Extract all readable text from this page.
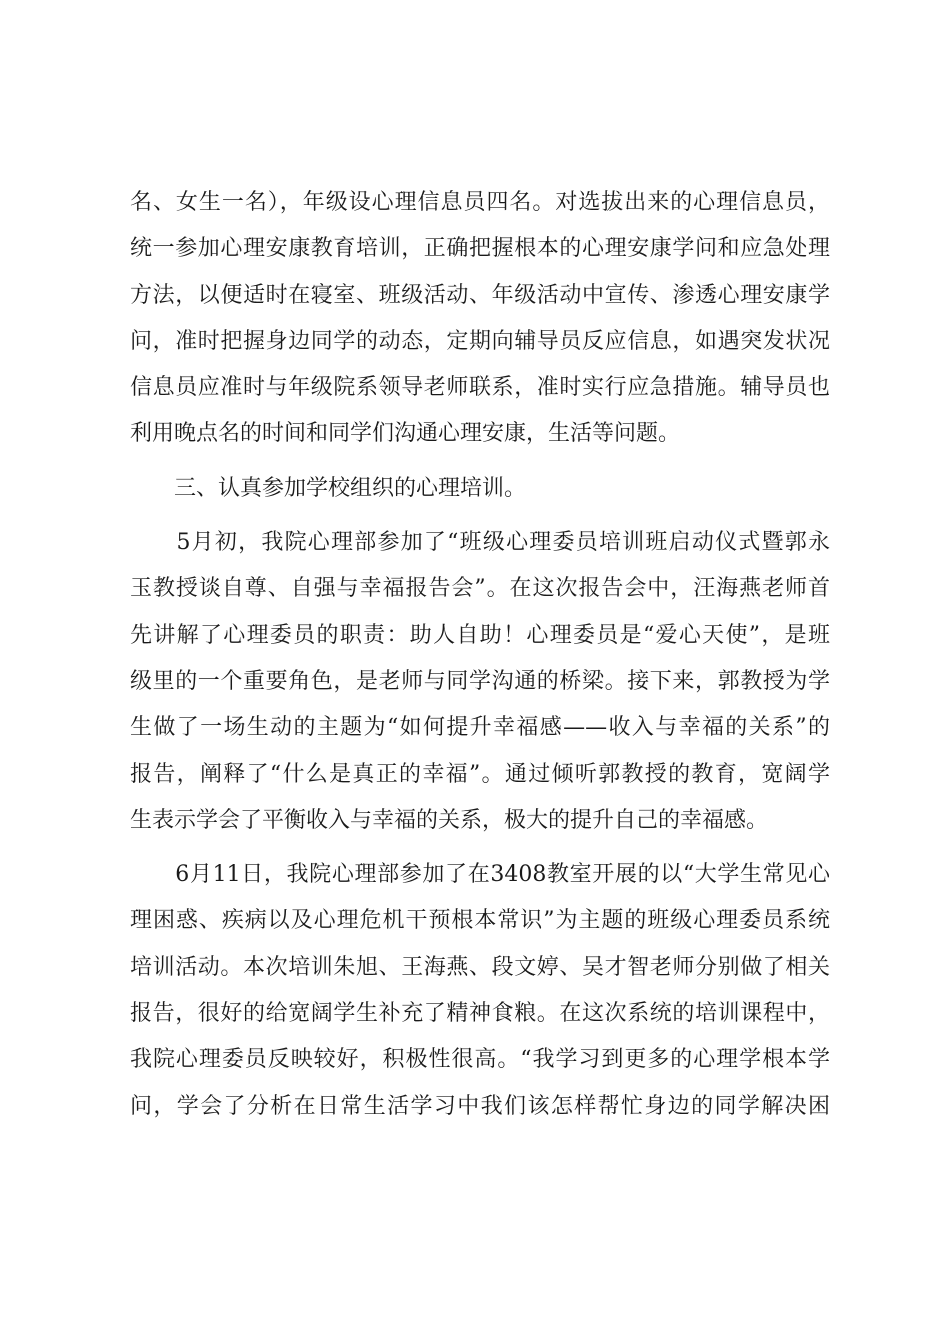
名、女生一名），年级设心理信息员四名。对选拔出来的心理信息员，
统一参加心理安康教育培训，正确把握根本的心理安康学问和应急处理
方法，以便适时在寝室、班级活动、年级活动中宣传、渗透心理安康学
问，准时把握身边同学的动态，定期向辅导员反应信息，如遇突发状况
信息员应准时与年级院系领导老师联系，准时实行应急措施。辅导员也
利用晚点名的时间和同学们沟通心理安康，生活等问题。
　　三、认真参加学校组织的心理培训。
　　5月初，我院心理部参加了“班级心理委员培训班启动仪式暨郭永
玉教授谈自尊、自强与幸福报告会”。在这次报告会中，汪海燕老师首
先讲解了心理委员的职责：助人自助！心理委员是“爱心天使”，是班
级里的一个重要角色，是老师与同学沟通的桥梁。接下来，郭教授为学
生做了一场生动的主题为“如何提升幸福感——收入与幸福的关系”的
报告，阐释了“什么是真正的幸福”。通过倾听郭教授的教育，宽阔学
生表示学会了平衡收入与幸福的关系，极大的提升自己的幸福感。
　　6月11日，我院心理部参加了在3408教室开展的以“大学生常见心
理困惑、疾病以及心理危机干预根本常识”为主题的班级心理委员系统
培训活动。本次培训朱旭、王海燕、段文婷、吴才智老师分别做了相关
报告，很好的给宽阔学生补充了精神食粮。在这次系统的培训课程中，
我院心理委员反映较好，积极性很高。“我学习到更多的心理学根本学
问，学会了分析在日常生活学习中我们该怎样帮忙身边的同学解决困
